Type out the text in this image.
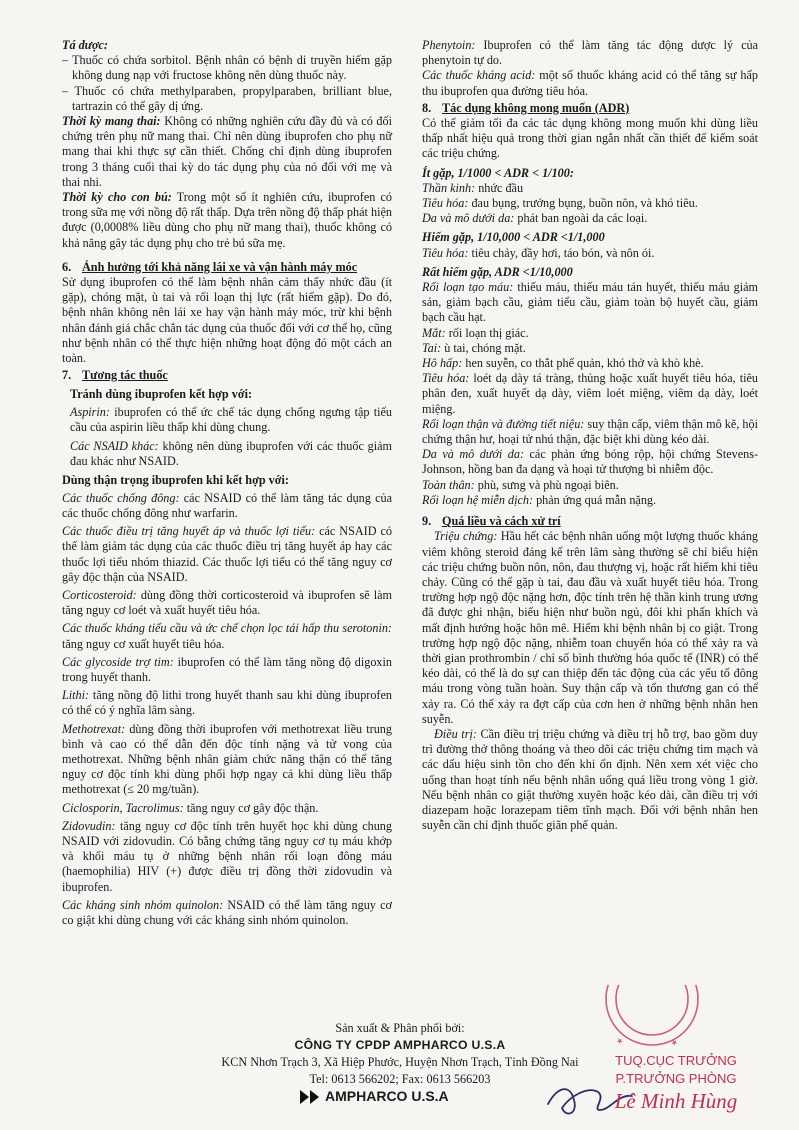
Tá dược:

– Thuốc có chứa sorbitol. Bệnh nhân có bệnh di truyền hiếm gặp không dung nạp với fructose không nên dùng thuốc này.

– Thuốc có chứa methylparaben, propylparaben, brilliant blue, tartrazin có thể gây dị ứng.

Thời kỳ mang thai: Không có những nghiên cứu đầy đủ và có đối chứng trên phụ nữ mang thai. Chỉ nên dùng ibuprofen cho phụ nữ mang thai khi thực sự cần thiết. Chống chỉ định dùng ibuprofen trong 3 tháng cuối thai kỳ do tác dụng phụ của nó đối với mẹ và thai nhi.

Thời kỳ cho con bú: Trong một số ít nghiên cứu, ibuprofen có trong sữa mẹ với nồng độ rất thấp. Dựa trên nồng độ thấp phát hiện được (0,0008% liều dùng cho phụ nữ mang thai), thuốc không có khả năng gây tác dụng phụ cho trẻ bú sữa mẹ.

6. Ảnh hưởng tới khả năng lái xe và vận hành máy móc

Sử dụng ibuprofen có thể làm bệnh nhân cảm thấy nhức đầu (ít gặp), chóng mặt, ù tai và rối loạn thị lực (rất hiếm gặp). Do đó, bệnh nhân không nên lái xe hay vận hành máy móc, trừ khi bệnh nhân đánh giá chắc chắn tác dụng của thuốc đối với cơ thể họ, cũng như bệnh nhân có thể thực hiện những hoạt động đó một cách an toàn.

7. Tương tác thuốc

Tránh dùng ibuprofen kết hợp với:

Aspirin: ibuprofen có thể ức chế tác dụng chống ngưng tập tiểu cầu của aspirin liều thấp khi dùng chung.

Các NSAID khác: không nên dùng ibuprofen với các thuốc giảm đau khác như NSAID.

Dùng thận trọng ibuprofen khi kết hợp với:

Các thuốc chống đông: các NSAID có thể làm tăng tác dụng của các thuốc chống đông như warfarin.

Các thuốc điều trị tăng huyết áp và thuốc lợi tiểu: các NSAID có thể làm giảm tác dụng của các thuốc điều trị tăng huyết áp hay các thuốc lợi tiểu nhóm thiazid. Các thuốc lợi tiểu có thể tăng nguy cơ gây độc thận của NSAID.

Corticosteroid: dùng đồng thời corticosteroid và ibuprofen sẽ làm tăng nguy cơ loét và xuất huyết tiêu hóa.

Các thuốc kháng tiểu cầu và ức chế chọn lọc tái hấp thu serotonin: tăng nguy cơ xuất huyết tiêu hóa.

Các glycoside trợ tim: ibuprofen có thể làm tăng nồng độ digoxin trong huyết thanh.

Lithi: tăng nồng độ lithi trong huyết thanh sau khi dùng ibuprofen có thể có ý nghĩa lâm sàng.

Methotrexat: dùng đồng thời ibuprofen với methotrexat liều trung bình và cao có thể dẫn đến độc tính nặng và tử vong của methotrexat. Những bệnh nhân giảm chức năng thận có thể tăng nguy cơ độc tính khi dùng phối hợp ngay cả khi dùng liều thấp methotrexat (≤ 20 mg/tuần).

Ciclosporin, Tacrolimus: tăng nguy cơ gây độc thận.

Zidovudin: tăng nguy cơ độc tính trên huyết học khi dùng chung NSAID với zidovudin. Có bằng chứng tăng nguy cơ tụ máu khớp và khối máu tụ ở những bệnh nhân rối loạn đông máu (haemophilia) HIV (+) được điều trị đồng thời zidovudin và ibuprofen.

Các kháng sinh nhóm quinolon: NSAID có thể làm tăng nguy cơ co giật khi dùng chung với các kháng sinh nhóm quinolon.

Phenytoin: Ibuprofen có thể làm tăng tác động dược lý của phenytoin tự do.

Các thuốc kháng acid: một số thuốc kháng acid có thể tăng sự hấp thu ibuprofen qua đường tiêu hóa.

8. Tác dụng không mong muốn (ADR)

Có thể giảm tối đa các tác dụng không mong muốn khi dùng liều thấp nhất hiệu quả trong thời gian ngắn nhất cần thiết để kiểm soát các triệu chứng.

Ít gặp, 1/1000 < ADR < 1/100:

Thần kinh: nhức đầu

Tiêu hóa: đau bụng, trướng bụng, buồn nôn, và khó tiêu.

Da và mô dưới da: phát ban ngoài da các loại.

Hiếm gặp, 1/10,000 < ADR <1/1,000

Tiêu hóa: tiêu chảy, đầy hơi, táo bón, và nôn ói.

Rất hiếm gặp, ADR <1/10,000

Rối loạn tạo máu: thiếu máu, thiếu máu tán huyết, thiếu máu giảm sản, giảm bạch cầu, giảm tiểu cầu, giảm toàn bộ huyết cầu, giảm bạch cầu hạt.

Mắt: rối loạn thị giác.

Tai: ù tai, chóng mặt.

Hô hấp: hen suyễn, co thắt phế quản, khó thở và khò khè.

Tiêu hóa: loét dạ dày tá tràng, thủng hoặc xuất huyết tiêu hóa, tiêu phân đen, xuất huyết dạ dày, viêm loét miệng, viêm dạ dày, loét miệng.

Rối loạn thận và đường tiết niệu: suy thận cấp, viêm thận mô kẽ, hội chứng thận hư, hoại tử nhú thận, đặc biệt khi dùng kéo dài.

Da và mô dưới da: các phản ứng bóng rộp, hội chứng Stevens-Johnson, hồng ban đa dạng và hoại tử thượng bì nhiễm độc.

Toàn thân: phù, sưng và phù ngoại biên.

Rối loạn hệ miễn dịch: phản ứng quá mẫn nặng.

9. Quá liều và cách xử trí

Triệu chứng: Hầu hết các bệnh nhân uống một lượng thuốc kháng viêm không steroid đáng kể trên lâm sàng thường sẽ chỉ biểu hiện các triệu chứng buồn nôn, nôn, đau thượng vị, hoặc rất hiếm khi tiêu chảy. Cũng có thể gặp ù tai, đau đầu và xuất huyết tiêu hóa. Trong trường hợp ngộ độc nặng hơn, độc tính trên hệ thần kinh trung ương đã được ghi nhận, biểu hiện như buồn ngủ, đôi khi phấn khích và mất định hướng hoặc hôn mê. Hiếm khi bệnh nhân bị co giật. Trong trường hợp ngộ độc nặng, nhiễm toan chuyển hóa có thể xảy ra và thời gian prothrombin / chỉ số bình thường hóa quốc tế (INR) có thể kéo dài, có thể là do sự can thiệp đến tác động của các yếu tố đông máu trong vòng tuần hoàn. Suy thận cấp và tổn thương gan có thể xảy ra. Có thể xảy ra đợt cấp của cơn hen ở những bệnh nhân hen suyễn.

Điều trị: Cần điều trị triệu chứng và điều trị hỗ trợ, bao gồm duy trì đường thở thông thoáng và theo dõi các triệu chứng tim mạch và các dấu hiệu sinh tồn cho đến khi ổn định. Nên xem xét việc cho uống than hoạt tính nếu bệnh nhân uống quá liều trong vòng 1 giờ. Nếu bệnh nhân co giật thường xuyên hoặc kéo dài, cần điều trị với diazepam hoặc lorazepam tiêm tĩnh mạch. Đối với bệnh nhân hen suyễn cần chỉ định thuốc giãn phế quản.

★	★
Sản xuất & Phân phối bởi:
CÔNG TY CPDP AMPHARCO U.S.A
KCN Nhơn Trạch 3, Xã Hiệp Phước, Huyện Nhơn Trạch, Tỉnh Đồng Nai
Tel: 0613 566202; Fax: 0613 566203
AMPHARCO U.S.A
TUQ.CỤC TRƯỞNG
P.TRƯỞNG PHÒNG
Lê Minh Hùng
